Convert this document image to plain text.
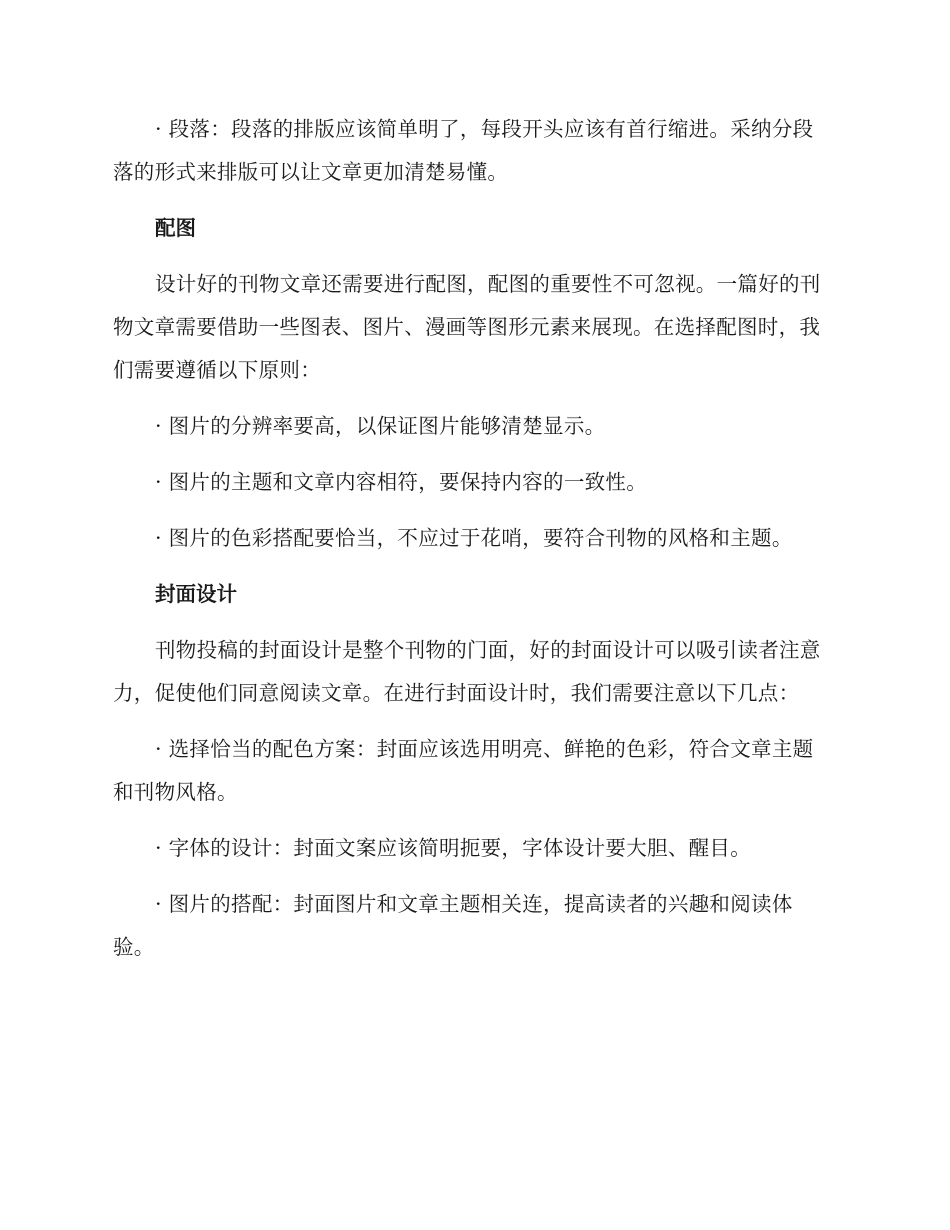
· 段落：段落的排版应该简单明了，每段开头应该有首行缩进。采纳分段落的形式来排版可以让文章更加清楚易懂。

配图

设计好的刊物文章还需要进行配图，配图的重要性不可忽视。一篇好的刊物文章需要借助一些图表、图片、漫画等图形元素来展现。在选择配图时，我们需要遵循以下原则：

· 图片的分辨率要高，以保证图片能够清楚显示。

· 图片的主题和文章内容相符，要保持内容的一致性。

· 图片的色彩搭配要恰当，不应过于花哨，要符合刊物的风格和主题。

封面设计

刊物投稿的封面设计是整个刊物的门面，好的封面设计可以吸引读者注意力，促使他们同意阅读文章。在进行封面设计时，我们需要注意以下几点：

· 选择恰当的配色方案：封面应该选用明亮、鲜艳的色彩，符合文章主题和刊物风格。

· 字体的设计：封面文案应该简明扼要，字体设计要大胆、醒目。

· 图片的搭配：封面图片和文章主题相关连，提高读者的兴趣和阅读体验。
